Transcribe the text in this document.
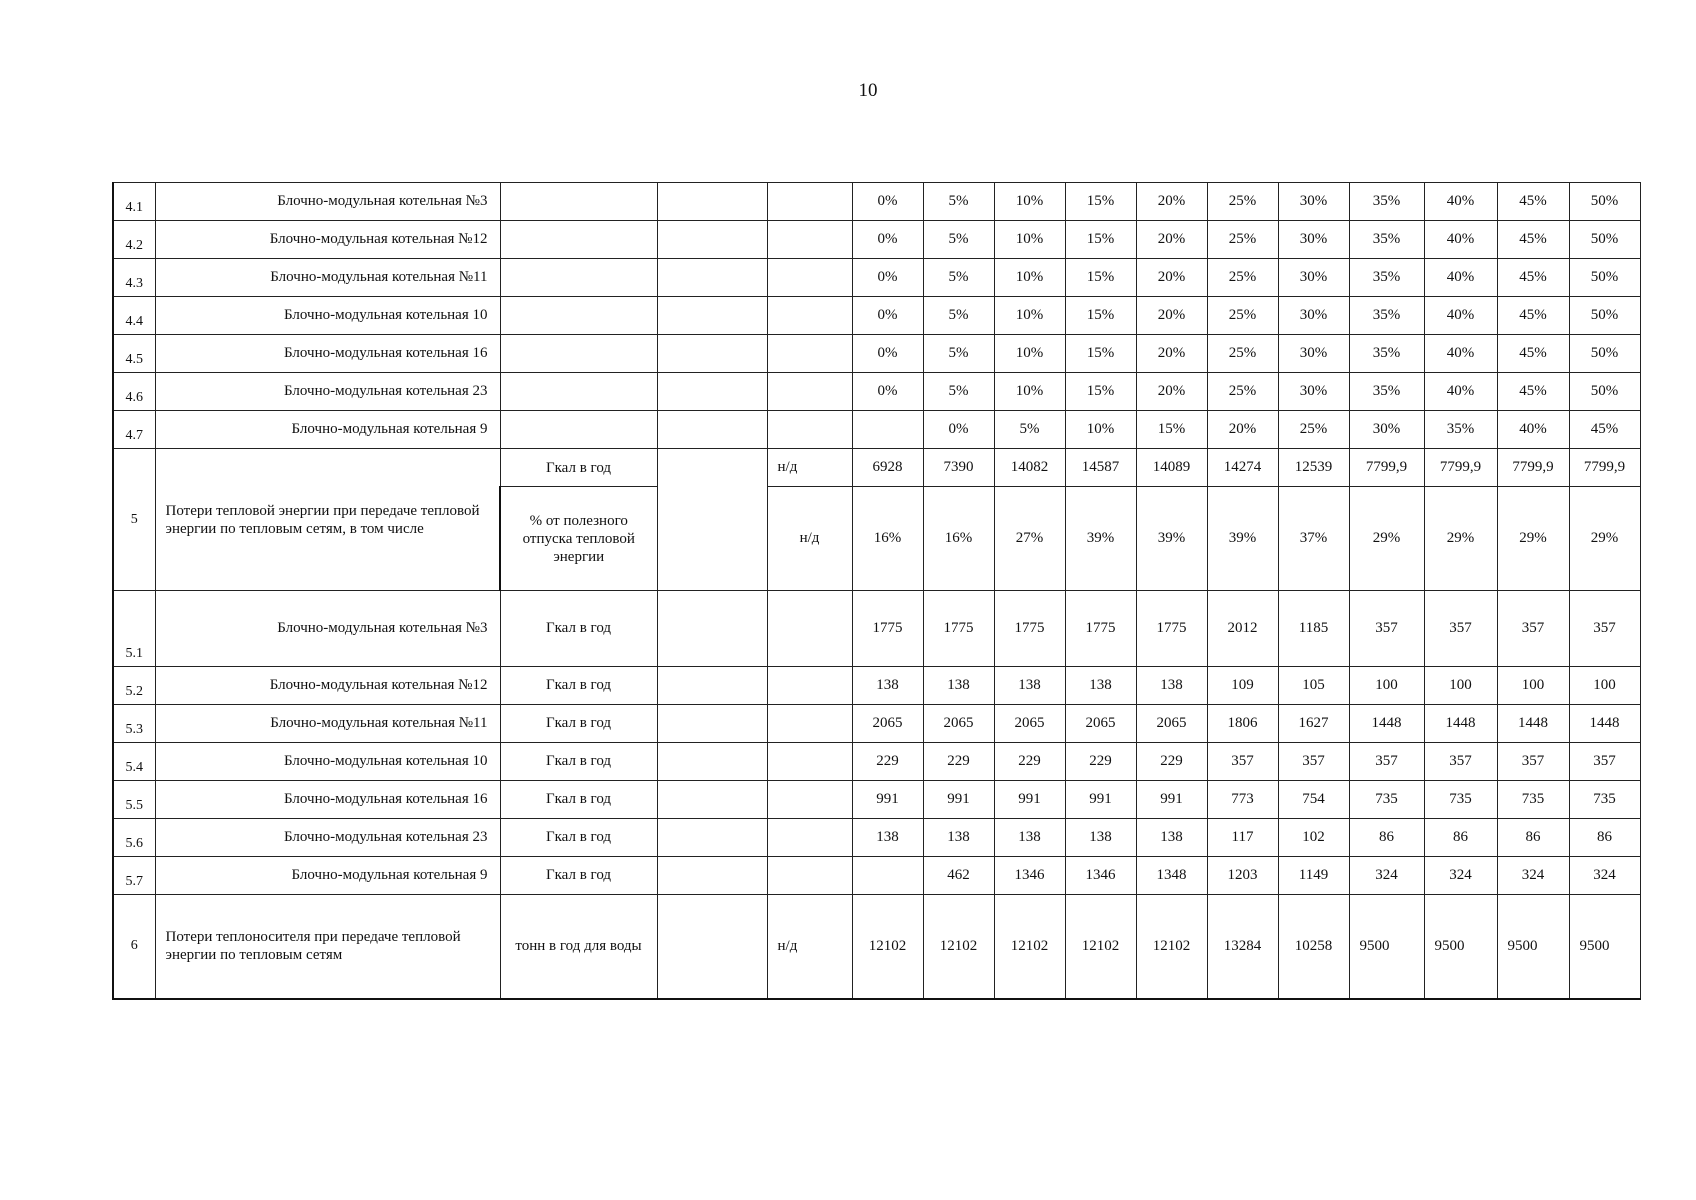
10
4.1	Блочно-модульная котельная №3				0%	5%	10%	15%	20%	25%	30%	35%	40%	45%	50%
4.2	Блочно-модульная котельная №12				0%	5%	10%	15%	20%	25%	30%	35%	40%	45%	50%
4.3	Блочно-модульная котельная №11				0%	5%	10%	15%	20%	25%	30%	35%	40%	45%	50%
4.4	Блочно-модульная котельная 10				0%	5%	10%	15%	20%	25%	30%	35%	40%	45%	50%
4.5	Блочно-модульная котельная 16				0%	5%	10%	15%	20%	25%	30%	35%	40%	45%	50%
4.6	Блочно-модульная котельная 23				0%	5%	10%	15%	20%	25%	30%	35%	40%	45%	50%
4.7	Блочно-модульная котельная 9					0%	5%	10%	15%	20%	25%	30%	35%	40%	45%
5	Потери тепловой энергии при передаче тепловой энергии по тепловым сетям, в том числе	Гкал в год		н/д	6928	7390	14082	14587	14089	14274	12539	7799,9	7799,9	7799,9	7799,9
		% от полезного отпуска тепловой энергии		н/д	16%	16%	27%	39%	39%	39%	37%	29%	29%	29%	29%
5.1	Блочно-модульная котельная №3	Гкал в год			1775	1775	1775	1775	1775	2012	1185	357	357	357	357
5.2	Блочно-модульная котельная №12	Гкал в год			138	138	138	138	138	109	105	100	100	100	100
5.3	Блочно-модульная котельная №11	Гкал в год			2065	2065	2065	2065	2065	1806	1627	1448	1448	1448	1448
5.4	Блочно-модульная котельная 10	Гкал в год			229	229	229	229	229	357	357	357	357	357	357
5.5	Блочно-модульная котельная 16	Гкал в год			991	991	991	991	991	773	754	735	735	735	735
5.6	Блочно-модульная котельная 23	Гкал в год			138	138	138	138	138	117	102	86	86	86	86
5.7	Блочно-модульная котельная 9	Гкал в год				462	1346	1346	1348	1203	1149	324	324	324	324
6	Потери теплоносителя при передаче тепловой энергии по тепловым сетям	тонн в год для воды		н/д	12102	12102	12102	12102	12102	13284	10258	9500	9500	9500	9500
